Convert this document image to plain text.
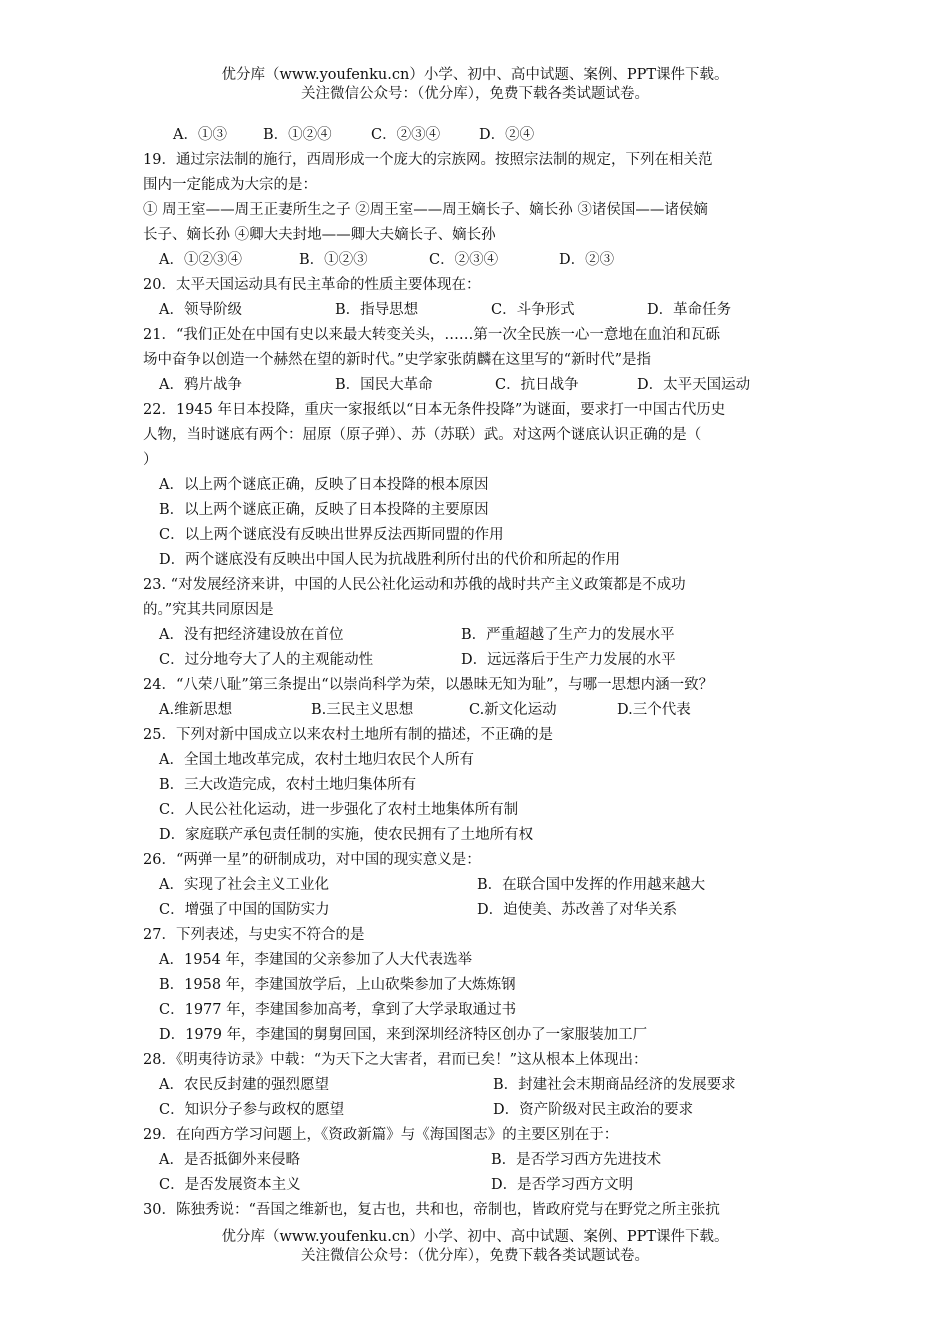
优分库（www.youfenku.cn）小学、初中、高中试题、案例、PPT课件下载。
关注微信公众号：（优分库），免费下载各类试题试卷。
A．①③	B．①②④	C．②③④	D．②④
19．通过宗法制的施行，西周形成一个庞大的宗族网。按照宗法制的规定，下列在相关范
围内一定能成为大宗的是：
① 周王室——周王正妻所生之子 ②周王室——周王嫡长子、嫡长孙 ③诸侯国——诸侯嫡
长子、嫡长孙 ④卿大夫封地——卿大夫嫡长子、嫡长孙
A．①②③④	B．①②③	C．②③④	D．②③
20．太平天国运动具有民主革命的性质主要体现在：
A．领导阶级	B．指导思想	C．斗争形式	D．革命任务
21．“我们正处在中国有史以来最大转变关头，……第一次全民族一心一意地在血泊和瓦砾
场中奋争以创造一个赫然在望的新时代。”史学家张荫麟在这里写的“新时代”是指
A．鸦片战争	B．国民大革命	C．抗日战争	D．太平天国运动
22．1945 年日本投降，重庆一家报纸以“日本无条件投降”为谜面，要求打一中国古代历史
人物，当时谜底有两个：屈原（原子弹）、苏（苏联）武。对这两个谜底认识正确的是（
）
A．以上两个谜底正确，反映了日本投降的根本原因
B．以上两个谜底正确，反映了日本投降的主要原因
C．以上两个谜底没有反映出世界反法西斯同盟的作用
D．两个谜底没有反映出中国人民为抗战胜利所付出的代价和所起的作用
23. “对发展经济来讲，中国的人民公社化运动和苏俄的战时共产主义政策都是不成功
的。”究其共同原因是
A．没有把经济建设放在首位	B．严重超越了生产力的发展水平
C．过分地夸大了人的主观能动性	D．远远落后于生产力发展的水平
24．“八荣八耻”第三条提出“以崇尚科学为荣，以愚昧无知为耻”，与哪一思想内涵一致？
A.维新思想	B.三民主义思想	C.新文化运动	D.三个代表
25．下列对新中国成立以来农村土地所有制的描述，不正确的是
A．全国土地改革完成，农村土地归农民个人所有
B．三大改造完成，农村土地归集体所有
C．人民公社化运动，进一步强化了农村土地集体所有制
D．家庭联产承包责任制的实施，使农民拥有了土地所有权
26．“两弹一星”的研制成功，对中国的现实意义是：
A．实现了社会主义工业化	B．在联合国中发挥的作用越来越大
C．增强了中国的国防实力	D．迫使美、苏改善了对华关系
27．下列表述，与史实不符合的是
A．1954 年，李建国的父亲参加了人大代表选举
B．1958 年，李建国放学后，上山砍柴参加了大炼炼钢
C．1977 年，李建国参加高考，拿到了大学录取通过书
D．1979 年，李建国的舅舅回国，来到深圳经济特区创办了一家服装加工厂
28．《明夷待访录》中载：“为天下之大害者，君而已矣！”这从根本上体现出：
A．农民反封建的强烈愿望	B．封建社会末期商品经济的发展要求
C．知识分子参与政权的愿望	D．资产阶级对民主政治的要求
29．在向西方学习问题上，《资政新篇》与《海国图志》的主要区别在于：
A．是否抵御外来侵略	B．是否学习西方先进技术
C．是否发展资本主义	D．是否学习西方文明
30．陈独秀说：“吾国之维新也，复古也，共和也，帝制也，皆政府党与在野党之所主张抗
优分库（www.youfenku.cn）小学、初中、高中试题、案例、PPT课件下载。
关注微信公众号：（优分库），免费下载各类试题试卷。
